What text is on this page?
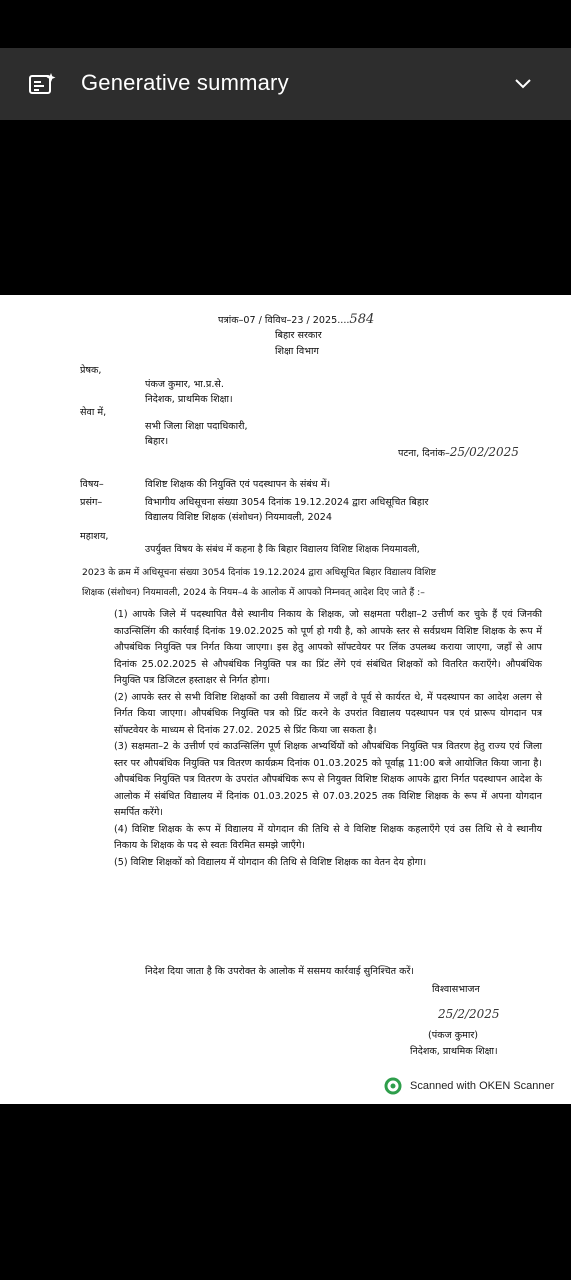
Generative summary
पत्रांक–07 / विविध–23 / 2025....584
बिहार सरकार
शिक्षा विभाग
प्रेषक,
पंकज कुमार, भा.प्र.से.
निदेशक, प्राथमिक शिक्षा।
सेवा में,
सभी जिला शिक्षा पदाधिकारी,
बिहार।
पटना, दिनांक–25/02/2025
विषय–	विशिष्ट शिक्षक की नियुक्ति एवं पदस्थापन के संबंध में।
प्रसंग–	विभागीय अधिसूचना संख्या 3054 दिनांक 19.12.2024 द्वारा अधिसूचित बिहार
विद्यालय विशिष्ट शिक्षक (संशोधन) नियमावली, 2024
महाशय,
उपर्युक्त विषय के संबंध में कहना है कि बिहार विद्यालय विशिष्ट शिक्षक नियमावली,
2023 के क्रम में अधिसूचना संख्या 3054 दिनांक 19.12.2024 द्वारा अधिसूचित बिहार विद्यालय विशिष्ट
शिक्षक (संशोधन) नियमावली, 2024 के नियम–4 के आलोक में आपको निम्नवत् आदेश दिए जाते हैं :–

(1) आपके जिले में पदस्थापित वैसे स्थानीय निकाय के शिक्षक, जो सक्षमता परीक्षा–2 उत्तीर्ण कर चुके हैं एवं जिनकी काउन्सिलिंग की कार्रवाई दिनांक 19.02.2025 को पूर्ण हो गयी है, को आपके स्तर से सर्वप्रथम विशिष्ट शिक्षक के रूप में औपबंधिक नियुक्ति पत्र निर्गत किया जाएगा। इस हेतु आपको सॉफ्टवेयर पर लिंक उपलब्ध कराया जाएगा, जहाँ से आप दिनांक 25.02.2025 से औपबंधिक नियुक्ति पत्र का प्रिंट लेंगे एवं संबंधित शिक्षकों को वितरित कराएँगे। औपबंधिक नियुक्ति पत्र डिजिटल हस्ताक्षर से निर्गत होगा।

(2) आपके स्तर से सभी विशिष्ट शिक्षकों का उसी विद्यालय में जहाँ वे पूर्व से कार्यरत थे, में पदस्थापन का आदेश अलग से निर्गत किया जाएगा। औपबंधिक नियुक्ति पत्र को प्रिंट करने के उपरांत विद्यालय पदस्थापन पत्र एवं प्रारूप योगदान पत्र सॉफ्टवेयर के माध्यम से दिनांक 27.02. 2025 से प्रिंट किया जा सकता है।

(3) सक्षमता–2 के उत्तीर्ण एवं काउन्सिलिंग पूर्ण शिक्षक अभ्यर्थियों को औपबंधिक नियुक्ति पत्र वितरण हेतु राज्य एवं जिला स्तर पर औपबंधिक नियुक्ति पत्र वितरण कार्यक्रम दिनांक 01.03.2025 को पूर्वाह्न 11:00 बजे आयोजित किया जाना है। औपबंधिक नियुक्ति पत्र वितरण के उपरांत औपबंधिक रूप से नियुक्त विशिष्ट शिक्षक आपके द्वारा निर्गत पदस्थापन आदेश के आलोक में संबंधित विद्यालय में दिनांक 01.03.2025 से 07.03.2025 तक विशिष्ट शिक्षक के रूप में अपना योगदान समर्पित करेंगे।

(4) विशिष्ट शिक्षक के रूप में विद्यालय में योगदान की तिथि से वे विशिष्ट शिक्षक कहलाएँगे एवं उस तिथि से वे स्थानीय निकाय के शिक्षक के पद से स्वतः विरमित समझे जाएँगे।

(5) विशिष्ट शिक्षकों को विद्यालय में योगदान की तिथि से विशिष्ट शिक्षक का वेतन देय होगा।

निदेश दिया जाता है कि उपरोक्त के आलोक में ससमय कार्रवाई सुनिश्चित करें।
विश्वासभाजन
25/2/2025
(पंकज कुमार)
निदेशक, प्राथमिक शिक्षा।
Scanned with OKEN Scanner
